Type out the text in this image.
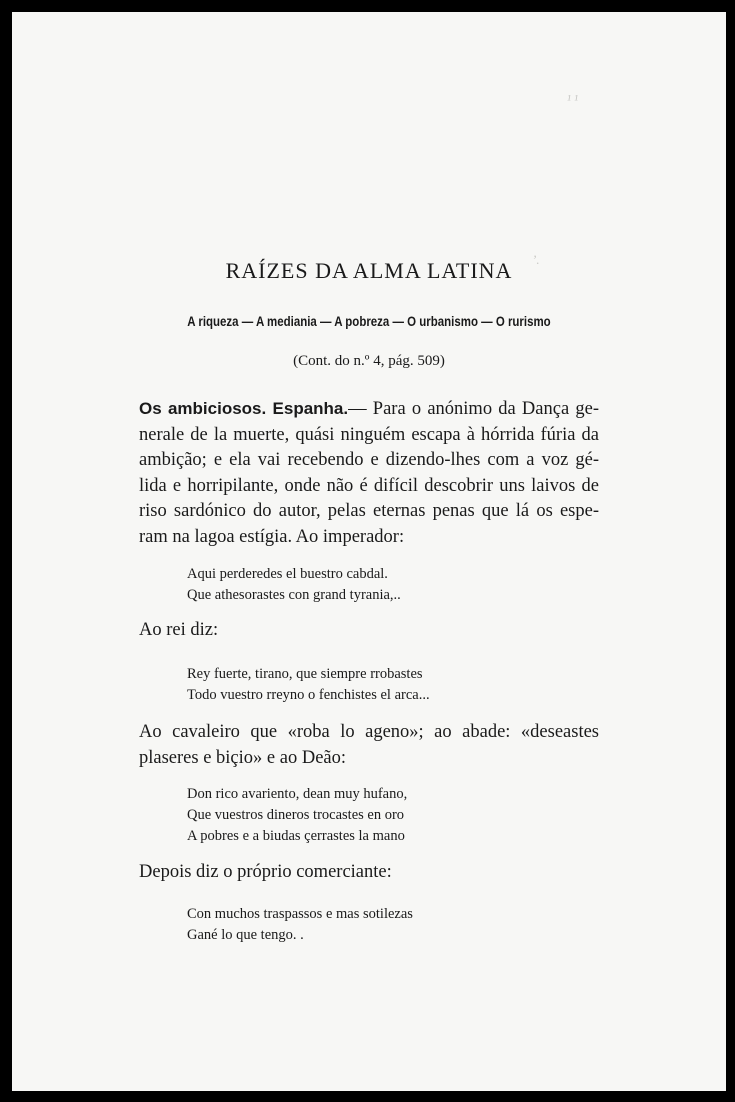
¹ ¹
ʼ.
RAÍZES DA ALMA LATINA
A riqueza — A mediania — A pobreza — O urbanismo — O rurismo
(Cont. do n.º 4, pág. 509)
Os ambiciosos. Espanha.— Para o anónimo da Dança ge-
nerale de la muerte, quási ninguém escapa à hórrida fúria da
ambição; e ela vai recebendo e dizendo-lhes com a voz gé-
lida e horripilante, onde não é difícil descobrir uns laivos de
riso sardónico do autor, pelas eternas penas que lá os espe-
ram na lagoa estígia. Ao imperador:
Aqui perderedes el buestro cabdal.
Que athesorastes con grand tyrania,..
Ao rei diz:
Rey fuerte, tirano, que siempre rrobastes
Todo vuestro rreyno o fenchistes el arca...
Ao cavaleiro que «roba lo ageno»; ao abade: «deseastes
plaseres e biçio» e ao Deão:
Don rico avariento, dean muy hufano,
Que vuestros dineros trocastes en oro
A pobres e a biudas çerrastes la mano
Depois diz o próprio comerciante:
Con muchos traspassos e mas sotilezas
Gané lo que tengo. .
